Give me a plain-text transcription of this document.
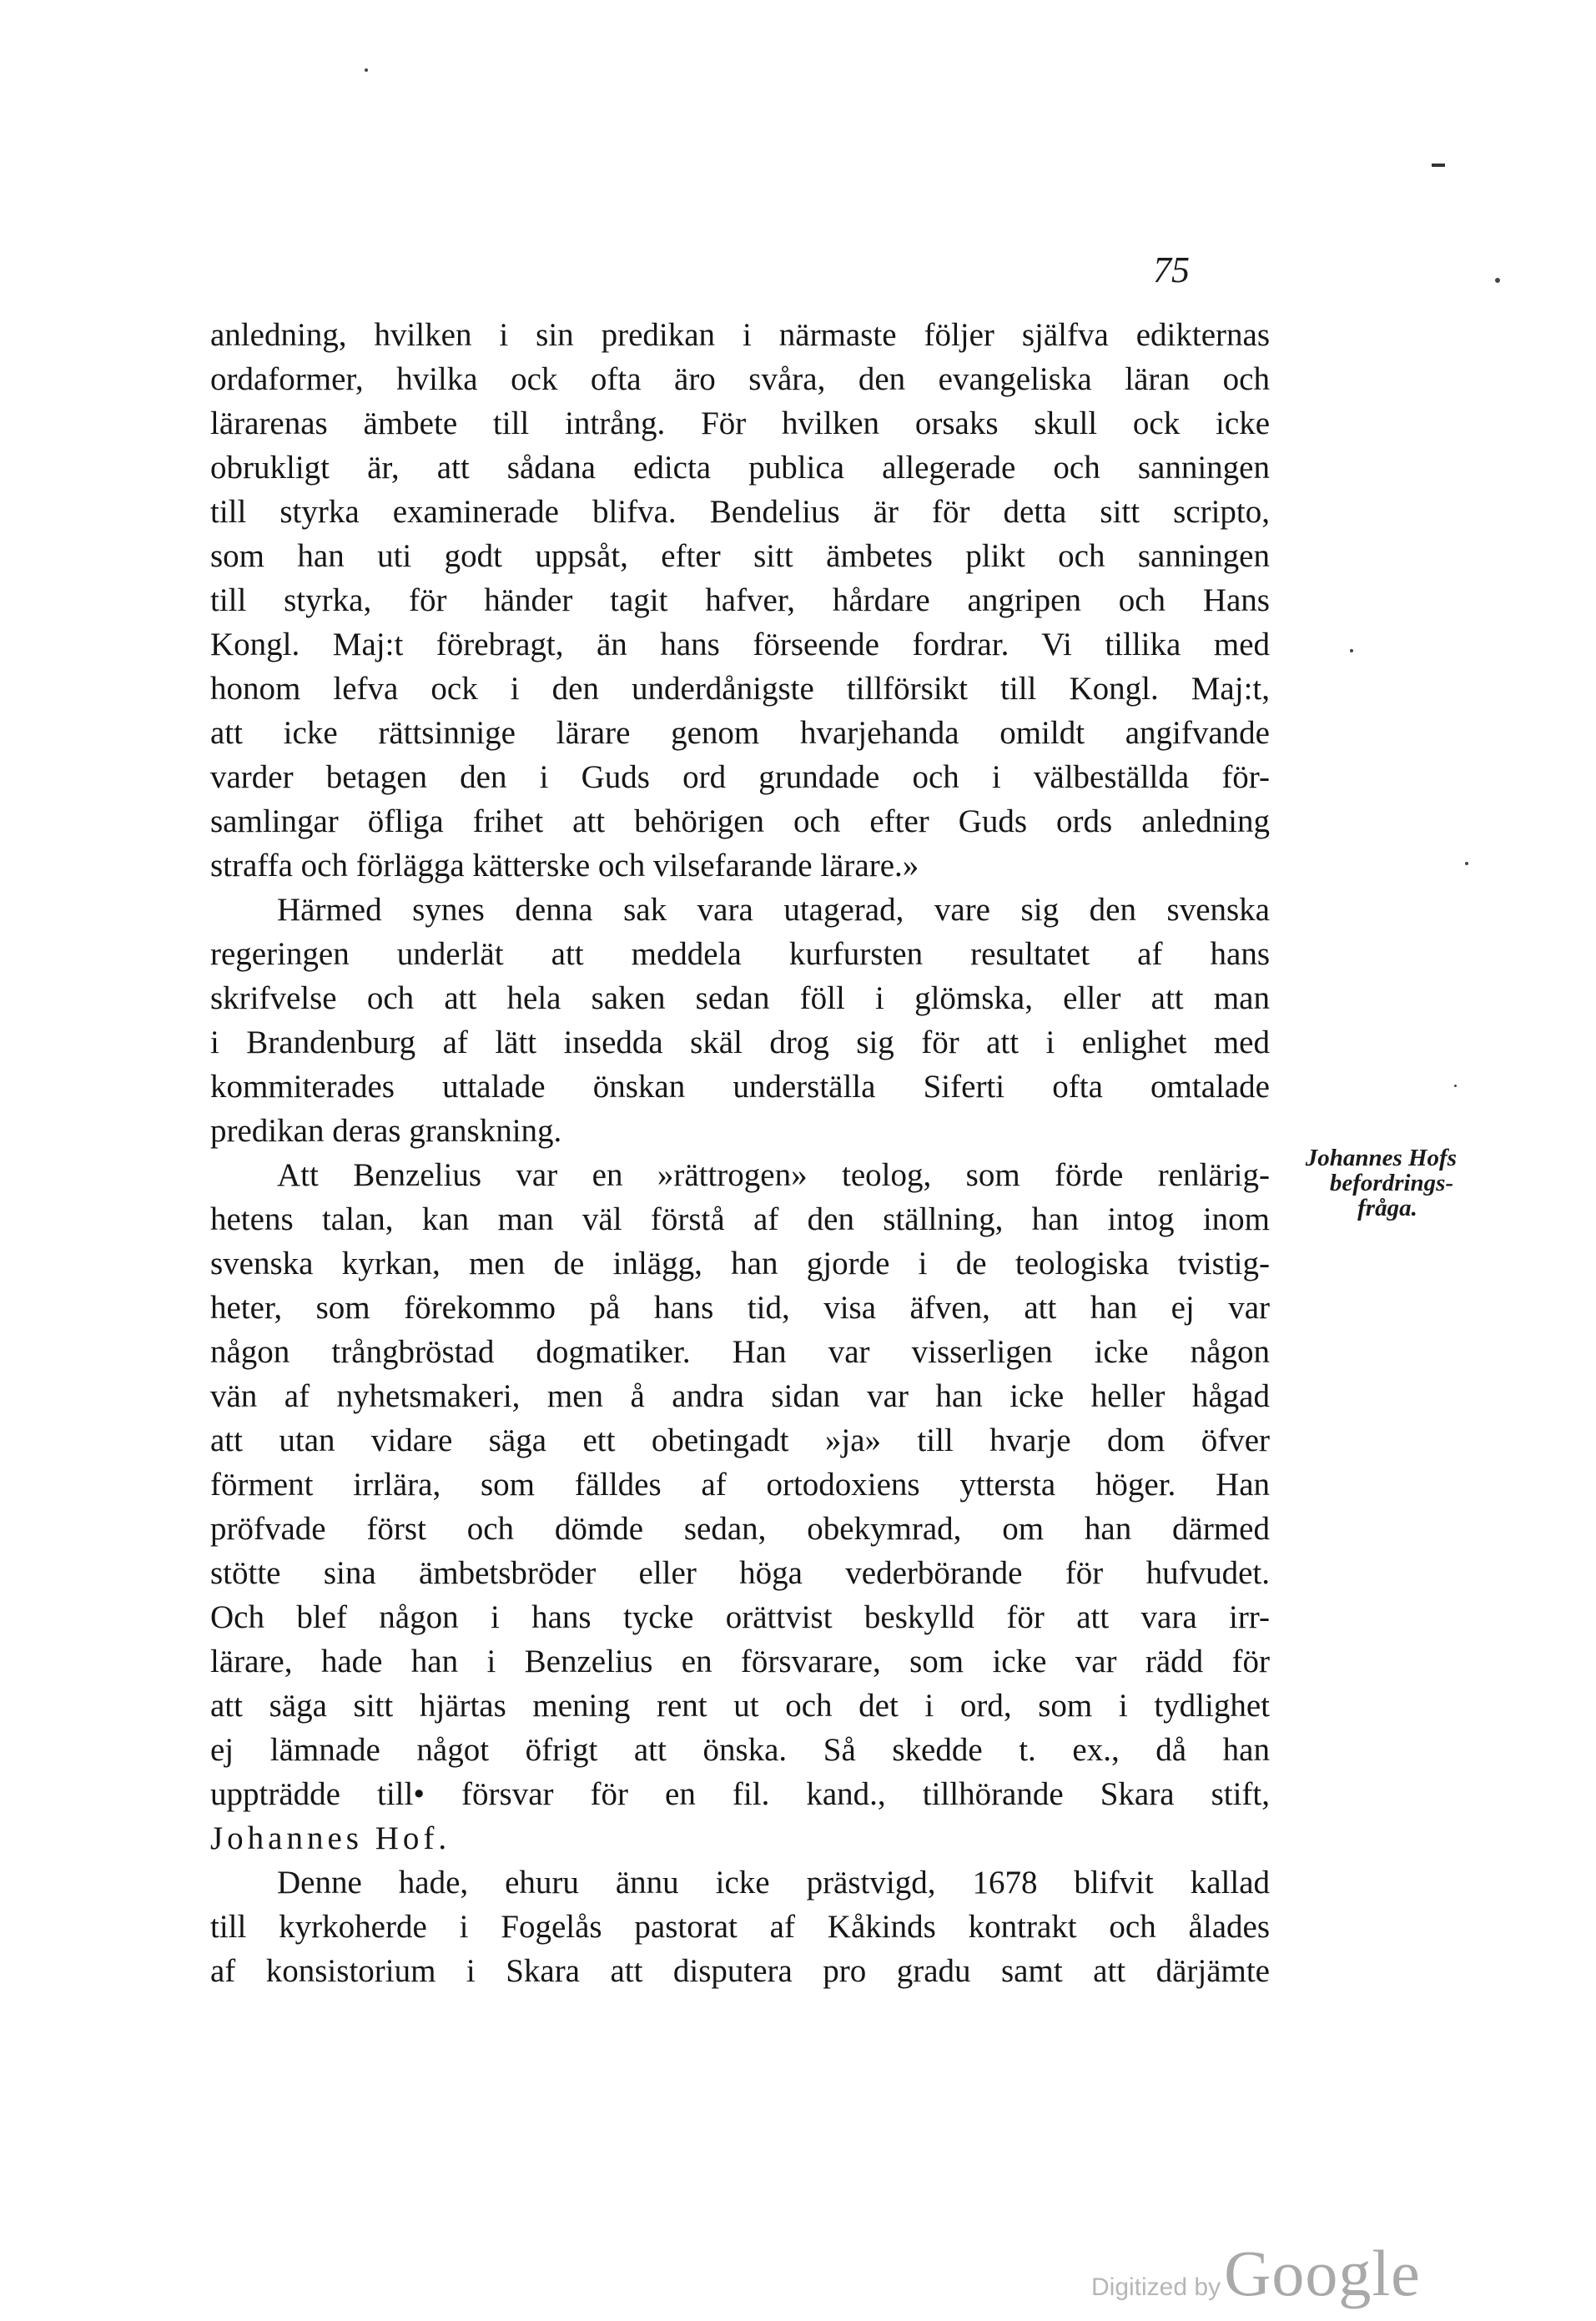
75
anledning, hvilken i sin predikan i närmaste följer själfva edikternas
ordaformer, hvilka ock ofta äro svåra, den evangeliska läran och
lärarenas ämbete till intrång. För hvilken orsaks skull ock icke
obrukligt är, att sådana edicta publica allegerade och sanningen
till styrka examinerade blifva. Bendelius är för detta sitt scripto,
som han uti godt uppsåt, efter sitt ämbetes plikt och sanningen
till styrka, för händer tagit hafver, hårdare angripen och Hans
Kongl. Maj:t förebragt, än hans förseende fordrar. Vi tillika med
honom lefva ock i den underdånigste tillförsikt till Kongl. Maj:t,
att icke rättsinnige lärare genom hvarjehanda omildt angifvande
varder betagen den i Guds ord grundade och i välbeställda för-
samlingar öfliga frihet att behörigen och efter Guds ords anledning
straffa och förlägga kätterske och vilsefarande lärare.»
Härmed synes denna sak vara utagerad, vare sig den svenska
regeringen underlät att meddela kurfursten resultatet af hans
skrifvelse och att hela saken sedan föll i glömska, eller att man
i Brandenburg af lätt insedda skäl drog sig för att i enlighet med
kommiterades uttalade önskan underställa Siferti ofta omtalade
predikan deras granskning.
Att Benzelius var en »rättrogen» teolog, som förde renlärig-
hetens talan, kan man väl förstå af den ställning, han intog inom
svenska kyrkan, men de inlägg, han gjorde i de teologiska tvistig-
heter, som förekommo på hans tid, visa äfven, att han ej var
någon trångbröstad dogmatiker. Han var visserligen icke någon
vän af nyhetsmakeri, men å andra sidan var han icke heller hågad
att utan vidare säga ett obetingadt »ja» till hvarje dom öfver
förment irrlära, som fälldes af ortodoxiens yttersta höger. Han
pröfvade först och dömde sedan, obekymrad, om han därmed
stötte sina ämbetsbröder eller höga vederbörande för hufvudet.
Och blef någon i hans tycke orättvist beskylld för att vara irr-
lärare, hade han i Benzelius en försvarare, som icke var rädd för
att säga sitt hjärtas mening rent ut och det i ord, som i tydlighet
ej lämnade något öfrigt att önska. Så skedde t. ex., då han
uppträdde till• försvar för en fil. kand., tillhörande Skara stift,
Johannes Hof.
Denne hade, ehuru ännu icke prästvigd, 1678 blifvit kallad
till kyrkoherde i Fogelås pastorat af Kåkinds kontrakt och ålades
af konsistorium i Skara att disputera pro gradu samt att därjämte
Johannes Hofs
befordrings-
fråga.
Digitized byGoogle
